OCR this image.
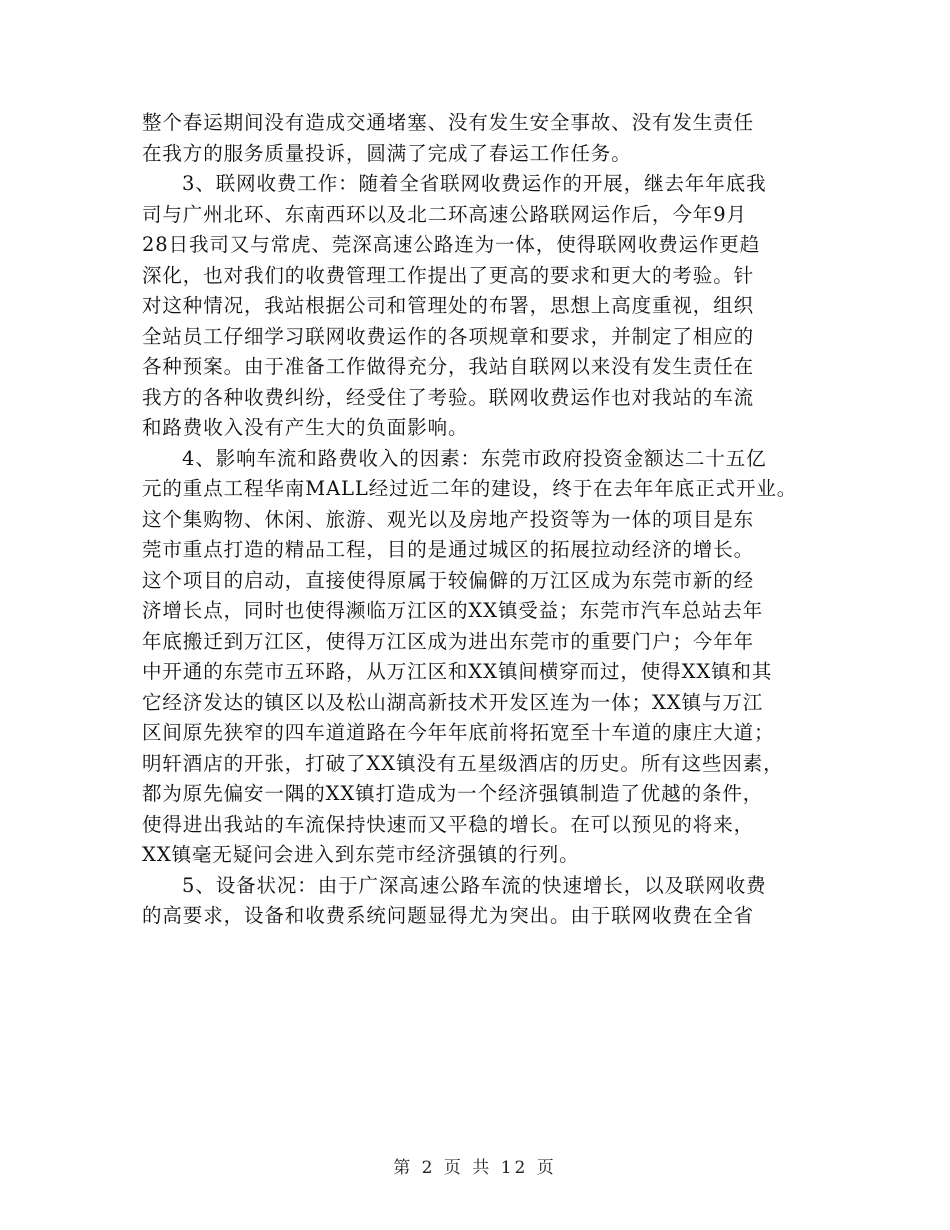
整个春运期间没有造成交通堵塞、没有发生安全事故、没有发生责任
在我方的服务质量投诉，圆满了完成了春运工作任务。
3、联网收费工作：随着全省联网收费运作的开展，继去年年底我
司与广州北环、东南西环以及北二环高速公路联网运作后，今年9月
28日我司又与常虎、莞深高速公路连为一体，使得联网收费运作更趋
深化，也对我们的收费管理工作提出了更高的要求和更大的考验。针
对这种情况，我站根据公司和管理处的布署，思想上高度重视，组织
全站员工仔细学习联网收费运作的各项规章和要求，并制定了相应的
各种预案。由于准备工作做得充分，我站自联网以来没有发生责任在
我方的各种收费纠纷，经受住了考验。联网收费运作也对我站的车流
和路费收入没有产生大的负面影响。
4、影响车流和路费收入的因素：东莞市政府投资金额达二十五亿
元的重点工程华南MALL经过近二年的建设，终于在去年年底正式开业。
这个集购物、休闲、旅游、观光以及房地产投资等为一体的项目是东
莞市重点打造的精品工程，目的是通过城区的拓展拉动经济的增长。
这个项目的启动，直接使得原属于较偏僻的万江区成为东莞市新的经
济增长点，同时也使得濒临万江区的XX镇受益；东莞市汽车总站去年
年底搬迁到万江区，使得万江区成为进出东莞市的重要门户；今年年
中开通的东莞市五环路，从万江区和XX镇间横穿而过，使得XX镇和其
它经济发达的镇区以及松山湖高新技术开发区连为一体；XX镇与万江
区间原先狭窄的四车道道路在今年年底前将拓宽至十车道的康庄大道；
明轩酒店的开张，打破了XX镇没有五星级酒店的历史。所有这些因素，
都为原先偏安一隅的XX镇打造成为一个经济强镇制造了优越的条件，
使得进出我站的车流保持快速而又平稳的增长。在可以预见的将来，
XX镇毫无疑问会进入到东莞市经济强镇的行列。
5、设备状况：由于广深高速公路车流的快速增长，以及联网收费
的高要求，设备和收费系统问题显得尤为突出。由于联网收费在全省
第 2 页 共 12 页
